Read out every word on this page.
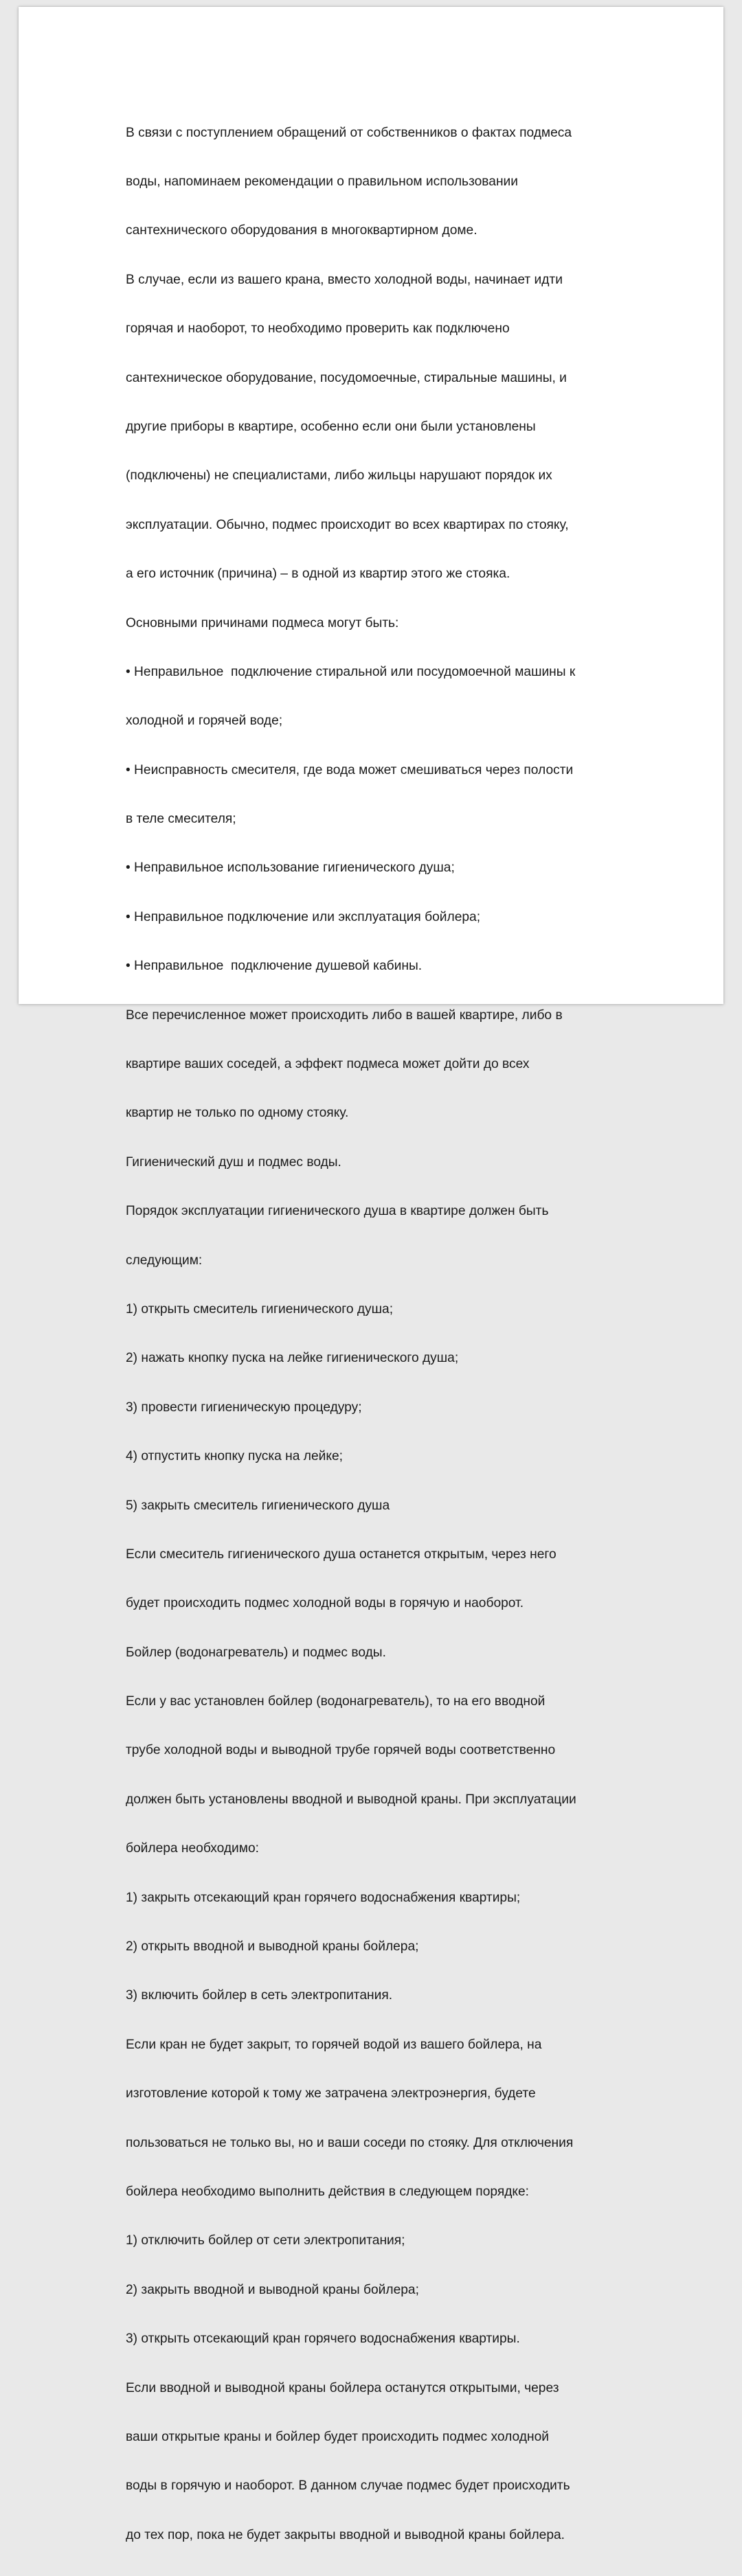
В связи с поступлением обращений от собственников о фактах подмеса

воды, напоминаем рекомендации о правильном использовании

сантехнического оборудования в многоквартирном доме.

В случае, если из вашего крана, вместо холодной воды, начинает идти

горячая и наоборот, то необходимо проверить как подключено

сантехническое оборудование, посудомоечные, стиральные машины, и

другие приборы в квартире, особенно если они были установлены

(подключены) не специалистами, либо жильцы нарушают порядок их

эксплуатации. Обычно, подмес происходит во всех квартирах по стояку,

а его источник (причина) – в одной из квартир этого же стояка.

Основными причинами подмеса могут быть:

• Неправильное  подключение стиральной или посудомоечной машины к

холодной и горячей воде;

• Неисправность смесителя, где вода может смешиваться через полости

в теле смесителя;

• Неправильное использование гигиенического душа;

• Неправильное подключение или эксплуатация бойлера;

• Неправильное  подключение душевой кабины.

Все перечисленное может происходить либо в вашей квартире, либо в

квартире ваших соседей, а эффект подмеса может дойти до всех

квартир не только по одному стояку.

Гигиенический душ и подмес воды.

Порядок эксплуатации гигиенического душа в квартире должен быть

следующим:

1) открыть смеситель гигиенического душа;

2) нажать кнопку пуска на лейке гигиенического душа;

3) провести гигиеническую процедуру;

4) отпустить кнопку пуска на лейке;

5) закрыть смеситель гигиенического душа

Если смеситель гигиенического душа останется открытым, через него

будет происходить подмес холодной воды в горячую и наоборот.

Бойлер (водонагреватель) и подмес воды.

Если у вас установлен бойлер (водонагреватель), то на его вводной

трубе холодной воды и выводной трубе горячей воды соответственно

должен быть установлены вводной и выводной краны. При эксплуатации

бойлера необходимо:

1) закрыть отсекающий кран горячего водоснабжения квартиры;

2) открыть вводной и выводной краны бойлера;

3) включить бойлер в сеть электропитания.

Если кран не будет закрыт, то горячей водой из вашего бойлера, на

изготовление которой к тому же затрачена электроэнергия, будете

пользоваться не только вы, но и ваши соседи по стояку. Для отключения

бойлера необходимо выполнить действия в следующем порядке:

1) отключить бойлер от сети электропитания;

2) закрыть вводной и выводной краны бойлера;

3) открыть отсекающий кран горячего водоснабжения квартиры.

Если вводной и выводной краны бойлера останутся открытыми, через

ваши открытые краны и бойлер будет происходить подмес холодной

воды в горячую и наоборот. В данном случае подмес будет происходить

до тех пор, пока не будет закрыты вводной и выводной краны бойлера.
